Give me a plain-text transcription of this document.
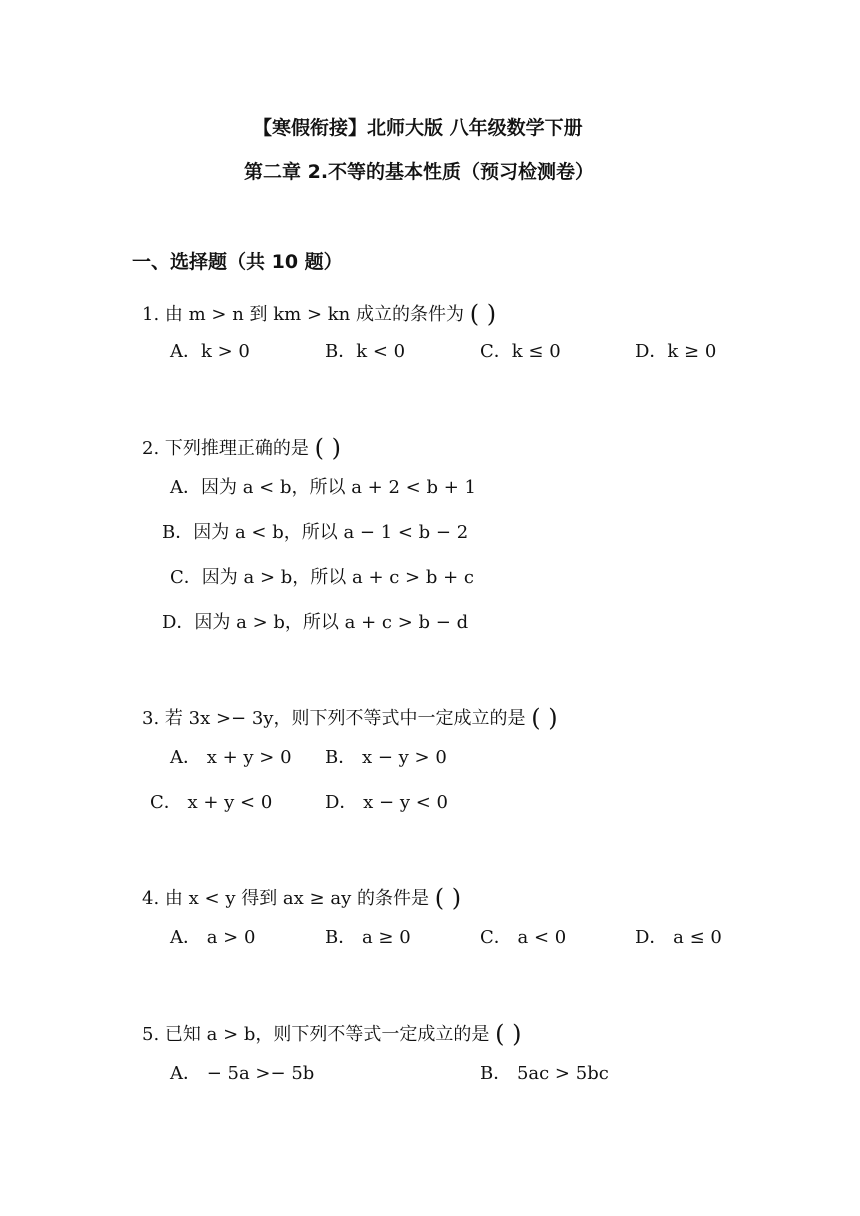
【寒假衔接】北师大版 八年级数学下册
第二章 2.不等的基本性质（预习检测卷）
一、选择题（共 10 题）
1. 由 m > n 到 km > kn 成立的条件为 ( )
A．k > 0	B．k < 0	C．k ≤ 0	D．k ≥ 0
2. 下列推理正确的是 ( )
A．因为 a < b，所以 a + 2 < b + 1
B．因为 a < b，所以 a − 1 < b − 2
C．因为 a > b，所以 a + c > b + c
D．因为 a > b，所以 a + c > b − d
3. 若 3x >− 3y，则下列不等式中一定成立的是 ( )
A． x + y > 0 B． x − y > 0
C． x + y < 0	D． x − y < 0
4. 由 x < y 得到 ax ≥ ay 的条件是 ( )
A． a > 0	B． a ≥ 0	C． a < 0	D． a ≤ 0
5. 已知 a > b，则下列不等式一定成立的是 ( )
A． − 5a >− 5b	B． 5ac > 5bc
